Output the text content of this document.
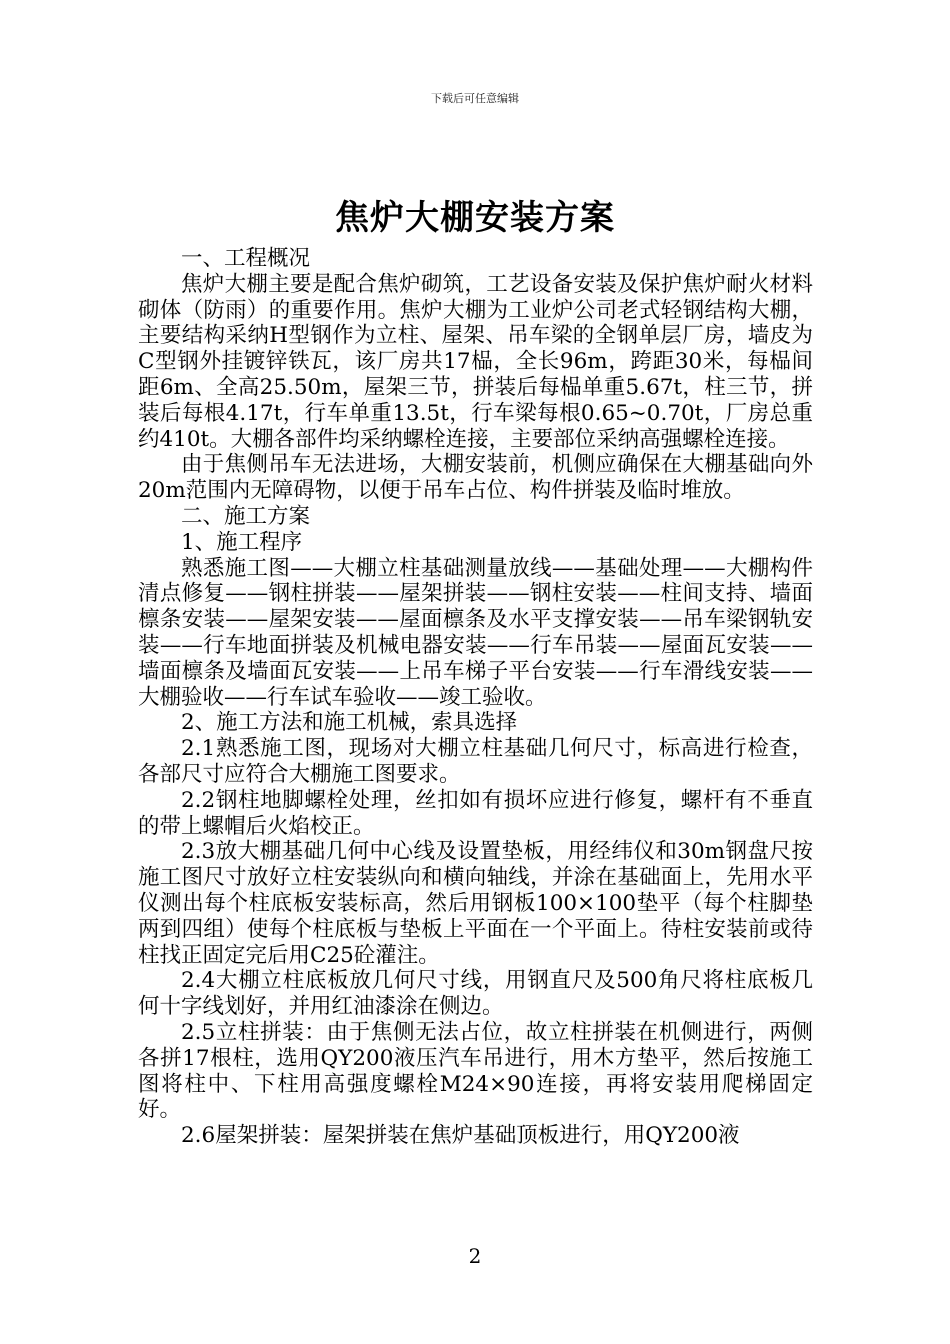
下载后可任意编辑
焦炉大棚安装方案

一、工程概况

焦炉大棚主要是配合焦炉砌筑，工艺设备安装及保护焦炉耐火材料砌体（防雨）的重要作用。焦炉大棚为工业炉公司老式轻钢结构大棚，主要结构采纳H型钢作为立柱、屋架、吊车梁的全钢单层厂房，墙皮为C型钢外挂镀锌铁瓦，该厂房共17榀，全长96m，跨距30米，每榀间距6m、全高25.50m，屋架三节，拼装后每榀单重5.67t，柱三节，拼装后每根4.17t，行车单重13.5t，行车梁每根0.65~0.70t，厂房总重约410t。大棚各部件均采纳螺栓连接，主要部位采纳高强螺栓连接。

由于焦侧吊车无法进场，大棚安装前，机侧应确保在大棚基础向外20m范围内无障碍物，以便于吊车占位、构件拼装及临时堆放。

二、施工方案

1、施工程序

熟悉施工图——大棚立柱基础测量放线——基础处理——大棚构件清点修复——钢柱拼装——屋架拼装——钢柱安装——柱间支持、墙面檩条安装——屋架安装——屋面檩条及水平支撑安装——吊车梁钢轨安装——行车地面拼装及机械电器安装——行车吊装——屋面瓦安装——墙面檩条及墙面瓦安装——上吊车梯子平台安装——行车滑线安装——大棚验收——行车试车验收——竣工验收。

2、施工方法和施工机械，索具选择

2.1熟悉施工图，现场对大棚立柱基础几何尺寸，标高进行检查，各部尺寸应符合大棚施工图要求。

2.2钢柱地脚螺栓处理，丝扣如有损坏应进行修复，螺杆有不垂直的带上螺帽后火焰校正。

2.3放大棚基础几何中心线及设置垫板，用经纬仪和30m钢盘尺按施工图尺寸放好立柱安装纵向和横向轴线，并涂在基础面上，先用水平仪测出每个柱底板安装标高，然后用钢板100×100垫平（每个柱脚垫两到四组）使每个柱底板与垫板上平面在一个平面上。待柱安装前或待柱找正固定完后用C25砼灌注。

2.4大棚立柱底板放几何尺寸线，用钢直尺及500角尺将柱底板几何十字线划好，并用红油漆涂在侧边。

2.5立柱拼装：由于焦侧无法占位，故立柱拼装在机侧进行，两侧各拼17根柱，选用QY200液压汽车吊进行，用木方垫平，然后按施工图将柱中、下柱用高强度螺栓M24×90连接，再将安装用爬梯固定好。

2.6屋架拼装：屋架拼装在焦炉基础顶板进行，用QY200液

2
